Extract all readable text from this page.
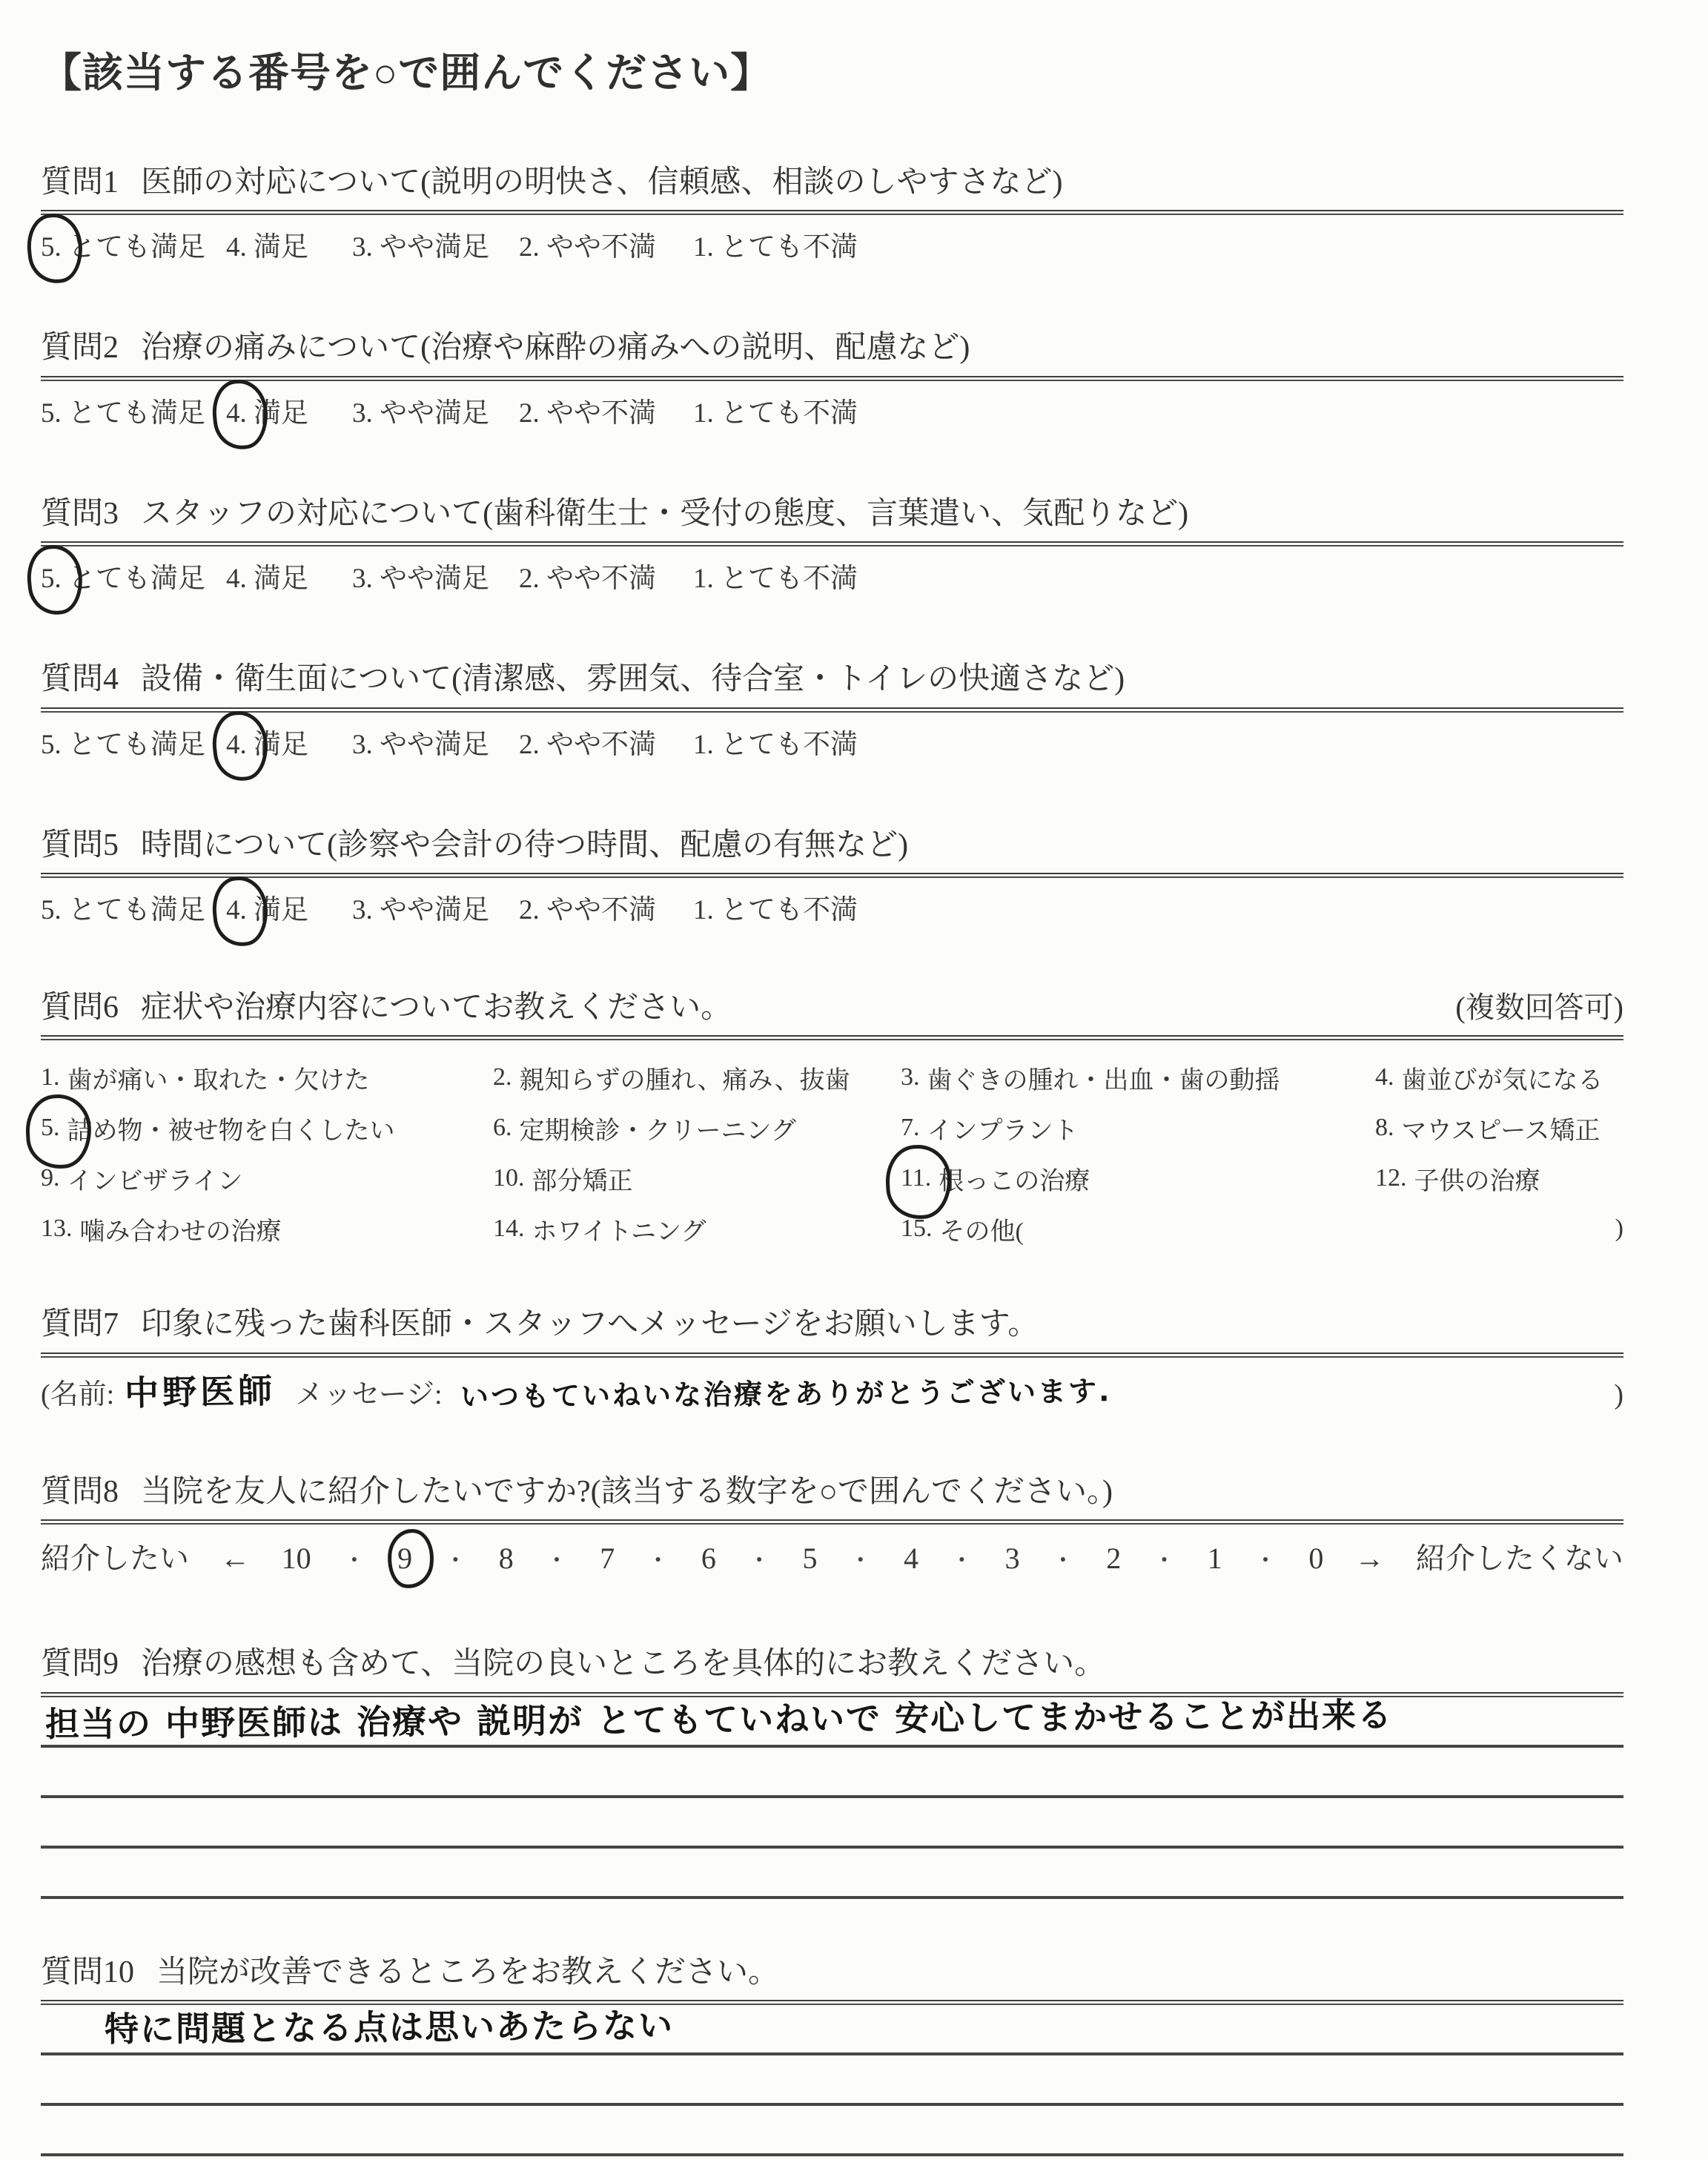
【該当する番号を○で囲んでください】
質問1 医師の対応について(説明の明快さ、信頼感、相談のしやすさなど)
5.
とても満足 4. 満足	3. やや満足	2. やや不満	1. とても不満
質問2 治療の痛みについて(治療や麻酔の痛みへの説明、配慮など)
5. とても満足 4.
満足	3. やや満足	2. やや不満	1. とても不満
質問3 スタッフの対応について(歯科衛生士・受付の態度、言葉遣い、気配りなど)
5.
とても満足 4. 満足	3. やや満足	2. やや不満	1. とても不満
質問4 設備・衛生面について(清潔感、雰囲気、待合室・トイレの快適さなど)
5. とても満足 4.
満足	3. やや満足	2. やや不満	1. とても不満
質問5 時間について(診察や会計の待つ時間、配慮の有無など)
5. とても満足 4.
満足	3. やや満足	2. やや不満	1. とても不満
質問6 症状や治療内容についてお教えください。	(複数回答可)
1. 歯が痛い・取れた・欠けた	2. 親知らずの腫れ、痛み、抜歯 3. 歯ぐきの腫れ・出血・歯の動揺	4. 歯並びが気になる
5. 詰め物・被せ物を白くしたい	6. 定期検診・クリーニング	7. インプラント	8. マウスピース矯正
9. インビザライン	10. 部分矯正	11. 根っこの治療	12. 子供の治療
13. 噛み合わせの治療	14. ホワイトニング	15. その他(	)
質問7 印象に残った歯科医師・スタッフへメッセージをお願いします。
(名前: 中野医師 メッセージ: いつもていねいな治療をありがとうございます.	)
質問8 当院を友人に紹介したいですか?(該当する数字を○で囲んでください。)
紹介したい ← 10 ・ 9 ・ 8 ・ 7 ・ 6 ・ 5 ・ 4 ・ 3 ・ 2 ・ 1 ・ 0 → 紹介したくない
質問9 治療の感想も含めて、当院の良いところを具体的にお教えください。
担当の 中野医師は 治療や 説明が とてもていねいで 安心してまかせることが出来る
質問10 当院が改善できるところをお教えください。
特に問題となる点は思いあたらない
